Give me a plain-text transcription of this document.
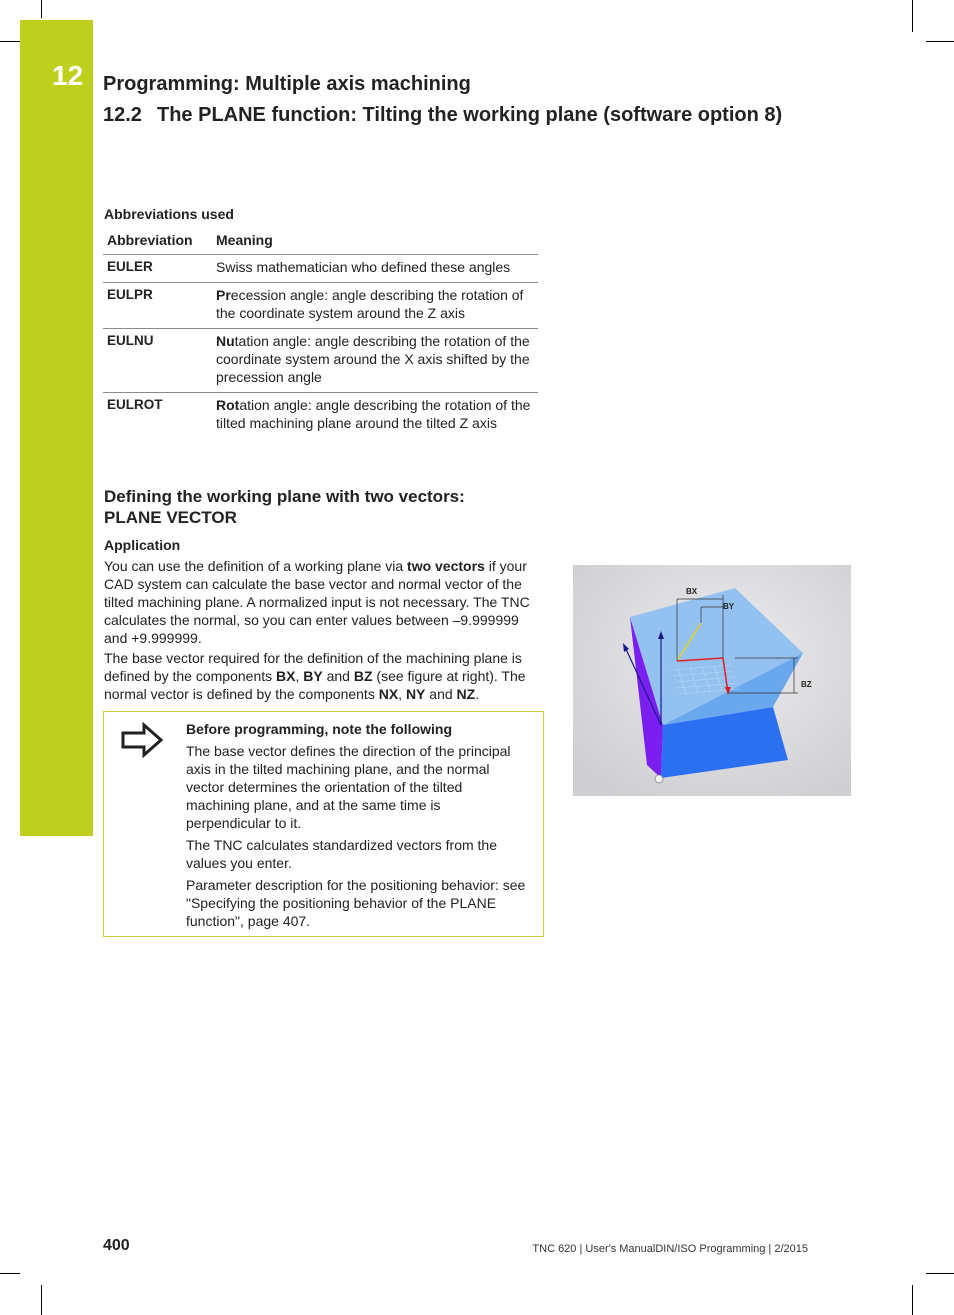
12 Programming: Multiple axis machining
12.2 The PLANE function: Tilting the working plane (software option 8)
Abbreviations used
Abbreviation	Meaning
EULER	Swiss mathematician who defined these angles
EULPR	Precession angle: angle describing the rotation of the coordinate system around the Z axis
EULNU	Nutation angle: angle describing the rotation of the coordinate system around the X axis shifted by the precession angle
EULROT	Rotation angle: angle describing the rotation of the tilted machining plane around the tilted Z axis
Defining the working plane with two vectors:
PLANE VECTOR
Application
You can use the definition of a working plane via two vectors if your CAD system can calculate the base vector and normal vector of the tilted machining plane. A normalized input is not necessary. The TNC calculates the normal, so you can enter values between –9.999999 and +9.999999.
The base vector required for the definition of the machining plane is defined by the components BX, BY and BZ (see figure at right). The normal vector is defined by the components NX, NY and NZ.
Before programming, note the following

The base vector defines the direction of the principal axis in the tilted machining plane, and the normal vector determines the orientation of the tilted machining plane, and at the same time is perpendicular to it.

The TNC calculates standardized vectors from the values you enter.

Parameter description for the positioning behavior: see "Specifying the positioning behavior of the PLANE function", page 407.

BX
BY
BZ
400	TNC 620 | User's ManualDIN/ISO Programming | 2/2015
